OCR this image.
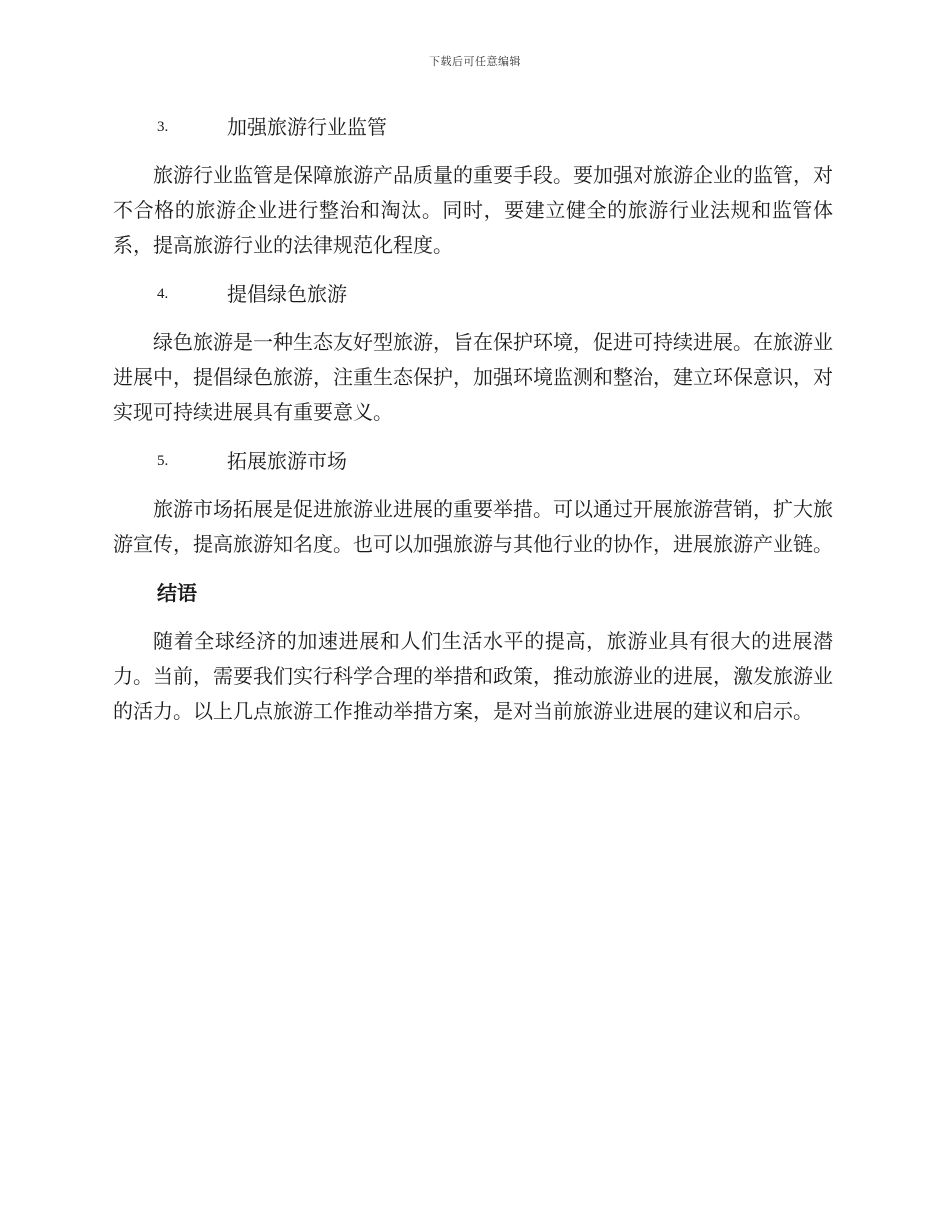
下载后可任意编辑
3.	加强旅游行业监管

旅游行业监管是保障旅游产品质量的重要手段。要加强对旅游企业的监管，对不合格的旅游企业进行整治和淘汰。同时，要建立健全的旅游行业法规和监管体系，提高旅游行业的法律规范化程度。

4.	提倡绿色旅游

绿色旅游是一种生态友好型旅游，旨在保护环境，促进可持续进展。在旅游业进展中，提倡绿色旅游，注重生态保护，加强环境监测和整治，建立环保意识，对实现可持续进展具有重要意义。

5.	拓展旅游市场

旅游市场拓展是促进旅游业进展的重要举措。可以通过开展旅游营销，扩大旅游宣传，提高旅游知名度。也可以加强旅游与其他行业的协作，进展旅游产业链。

结语

随着全球经济的加速进展和人们生活水平的提高，旅游业具有很大的进展潜力。当前，需要我们实行科学合理的举措和政策，推动旅游业的进展，激发旅游业的活力。以上几点旅游工作推动举措方案，是对当前旅游业进展的建议和启示。
